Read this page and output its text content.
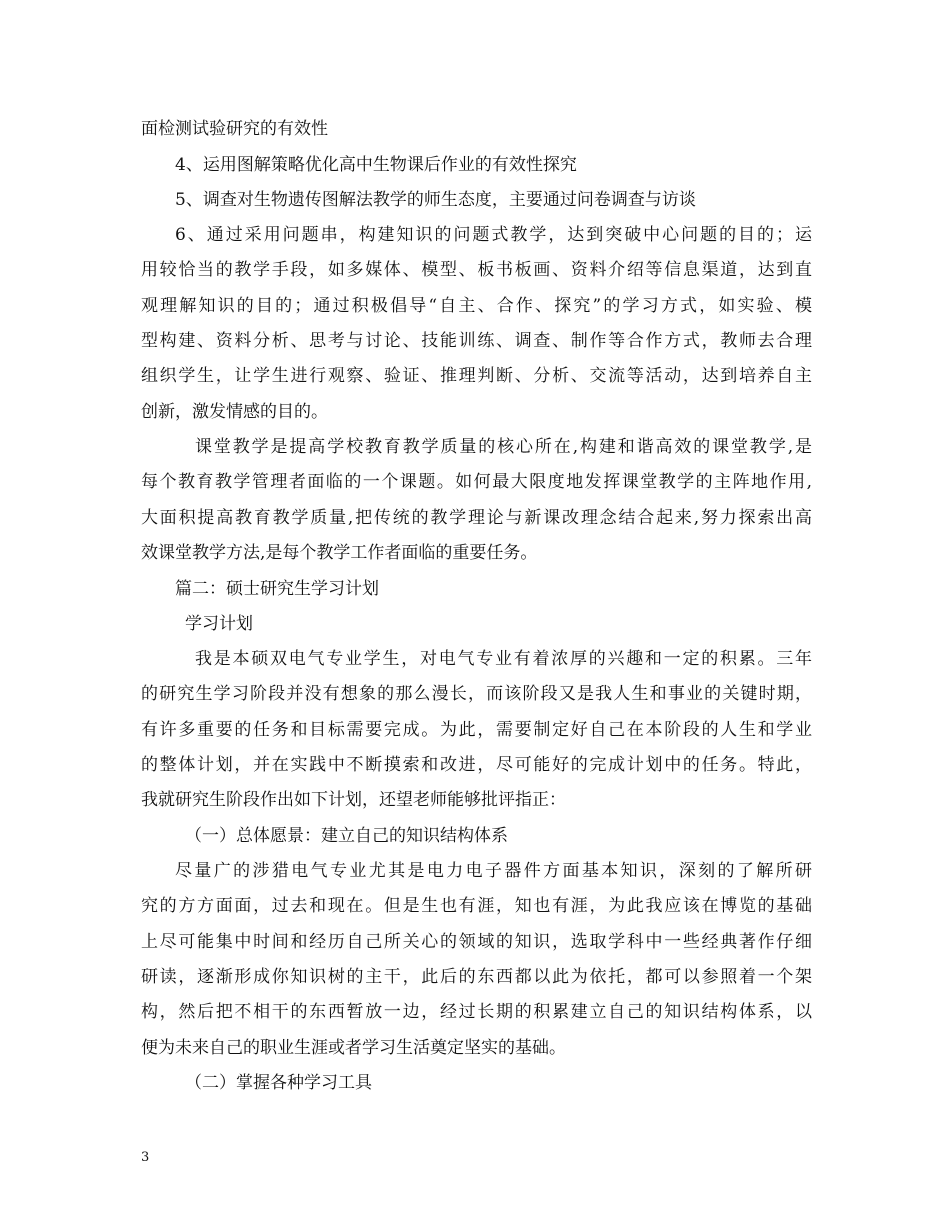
面检测试验研究的有效性
4、运用图解策略优化高中生物课后作业的有效性探究
5、调查对生物遗传图解法教学的师生态度，主要通过问卷调查与访谈
6、通过采用问题串，构建知识的问题式教学，达到突破中心问题的目的；运
用较恰当的教学手段，如多媒体、模型、板书板画、资料介绍等信息渠道，达到直
观理解知识的目的；通过积极倡导“自主、合作、探究”的学习方式，如实验、模
型构建、资料分析、思考与讨论、技能训练、调查、制作等合作方式，教师去合理
组织学生，让学生进行观察、验证、推理判断、分析、交流等活动，达到培养自主
创新，激发情感的目的。
课堂教学是提高学校教育教学质量的核心所在,构建和谐高效的课堂教学,是
每个教育教学管理者面临的一个课题。如何最大限度地发挥课堂教学的主阵地作用,
大面积提高教育教学质量,把传统的教学理论与新课改理念结合起来,努力探索出高
效课堂教学方法,是每个教学工作者面临的重要任务。
篇二：硕士研究生学习计划
学习计划
我是本硕双电气专业学生，对电气专业有着浓厚的兴趣和一定的积累。三年
的研究生学习阶段并没有想象的那么漫长，而该阶段又是我人生和事业的关键时期，
有许多重要的任务和目标需要完成。为此，需要制定好自己在本阶段的人生和学业
的整体计划，并在实践中不断摸索和改进，尽可能好的完成计划中的任务。特此，
我就研究生阶段作出如下计划，还望老师能够批评指正：
（一）总体愿景：建立自己的知识结构体系
尽量广的涉猎电气专业尤其是电力电子器件方面基本知识，深刻的了解所研
究的方方面面，过去和现在。但是生也有涯，知也有涯，为此我应该在博览的基础
上尽可能集中时间和经历自己所关心的领域的知识，选取学科中一些经典著作仔细
研读，逐渐形成你知识树的主干，此后的东西都以此为依托，都可以参照着一个架
构，然后把不相干的东西暂放一边，经过长期的积累建立自己的知识结构体系，以
便为未来自己的职业生涯或者学习生活奠定坚实的基础。
（二）掌握各种学习工具
3
